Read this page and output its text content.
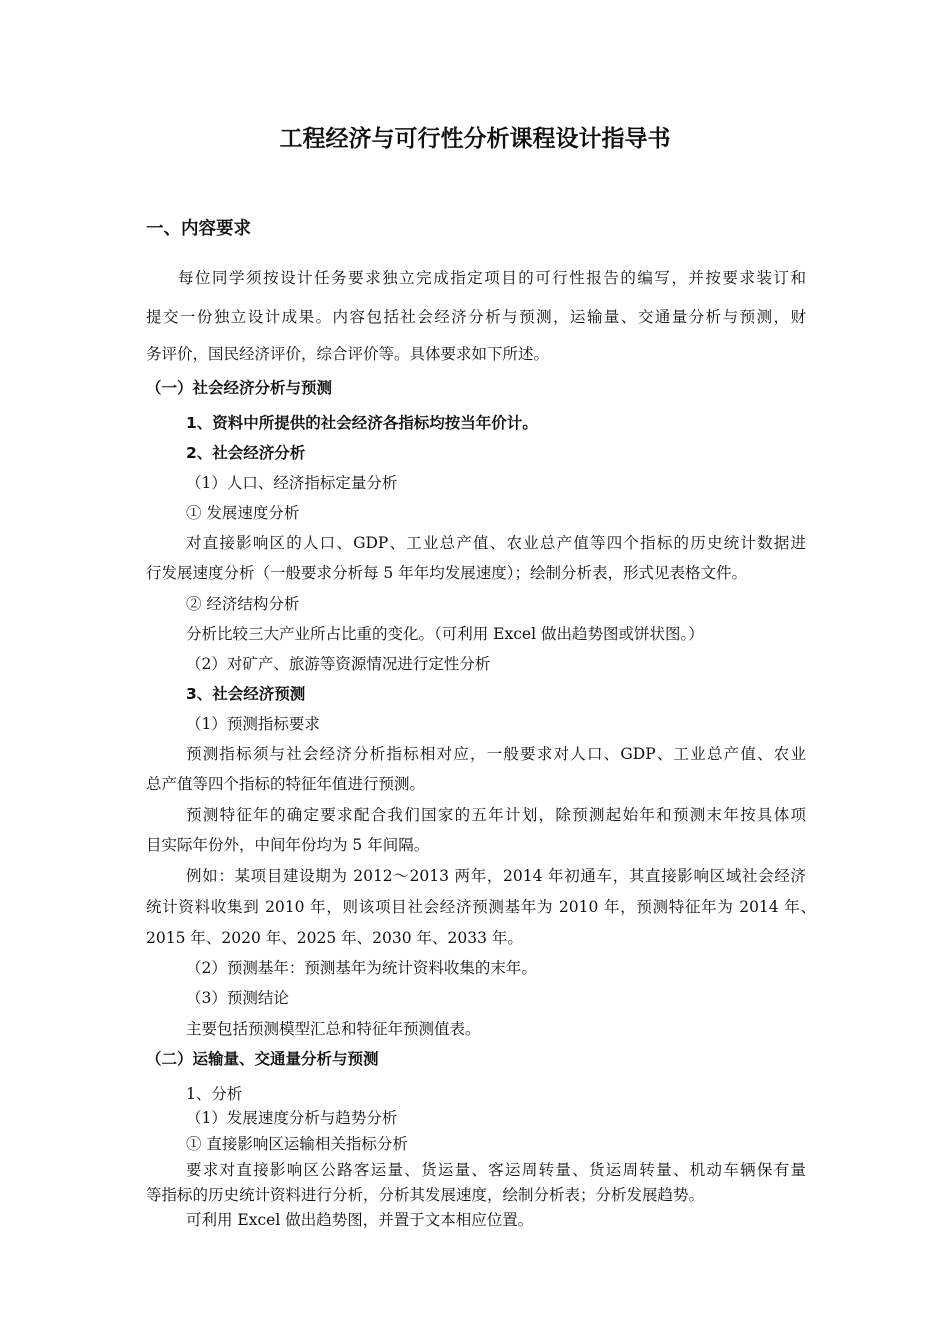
工程经济与可行性分析课程设计指导书
一、内容要求
每位同学须按设计任务要求独立完成指定项目的可行性报告的编写，并按要求装订和
提交一份独立设计成果。内容包括社会经济分析与预测，运输量、交通量分析与预测，财
务评价，国民经济评价，综合评价等。具体要求如下所述。
（一）社会经济分析与预测
1、资料中所提供的社会经济各指标均按当年价计。
2、社会经济分析
（1）人口、经济指标定量分析
① 发展速度分析
对直接影响区的人口、GDP、工业总产值、农业总产值等四个指标的历史统计数据进
行发展速度分析（一般要求分析每 5 年年均发展速度）；绘制分析表，形式见表格文件。
② 经济结构分析
分析比较三大产业所占比重的变化。（可利用 Excel 做出趋势图或饼状图。）
（2）对矿产、旅游等资源情况进行定性分析
3、社会经济预测
（1）预测指标要求
预测指标须与社会经济分析指标相对应，一般要求对人口、GDP、工业总产值、农业
总产值等四个指标的特征年值进行预测。
预测特征年的确定要求配合我们国家的五年计划，除预测起始年和预测末年按具体项
目实际年份外，中间年份均为 5 年间隔。
例如：某项目建设期为 2012～2013 两年，2014 年初通车，其直接影响区域社会经济
统计资料收集到 2010 年，则该项目社会经济预测基年为 2010 年，预测特征年为 2014 年、
2015 年、2020 年、2025 年、2030 年、2033 年。
（2）预测基年：预测基年为统计资料收集的末年。
（3）预测结论
主要包括预测模型汇总和特征年预测值表。
（二）运输量、交通量分析与预测
1、分析
（1）发展速度分析与趋势分析
① 直接影响区运输相关指标分析
要求对直接影响区公路客运量、货运量、客运周转量、货运周转量、机动车辆保有量
等指标的历史统计资料进行分析，分析其发展速度，绘制分析表；分析发展趋势。
可利用 Excel 做出趋势图，并置于文本相应位置。
